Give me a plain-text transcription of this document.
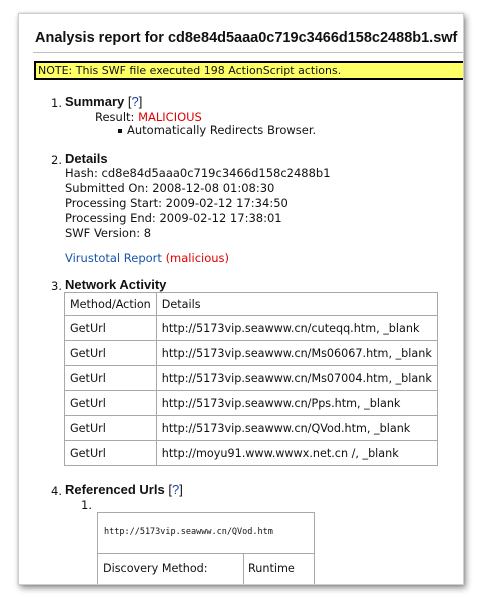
Analysis report for cd8e84d5aaa0c719c3466d158c2488b1.swf
NOTE: This SWF file executed 198 ActionScript actions.
1. Summary [?]
Result: MALICIOUS
Automatically Redirects Browser.
2. Details
Hash: cd8e84d5aaa0c719c3466d158c2488b1
Submitted On: 2008-12-08 01:08:30
Processing Start: 2009-02-12 17:34:50
Processing End: 2009-02-12 17:38:01
SWF Version: 8
Virustotal Report (malicious)
3. Network Activity
Method/Action	Details
GetUrl	http://5173vip.seawww.cn/cuteqq.htm, _blank
GetUrl	http://5173vip.seawww.cn/Ms06067.htm, _blank
GetUrl	http://5173vip.seawww.cn/Ms07004.htm, _blank
GetUrl	http://5173vip.seawww.cn/Pps.htm, _blank
GetUrl	http://5173vip.seawww.cn/QVod.htm, _blank
GetUrl	http://moyu91.www.wwwx.net.cn /, _blank
4. Referenced Urls [?]
1.
http://5173vip.seawww.cn/QVod.htm
Discovery Method:	Runtime
